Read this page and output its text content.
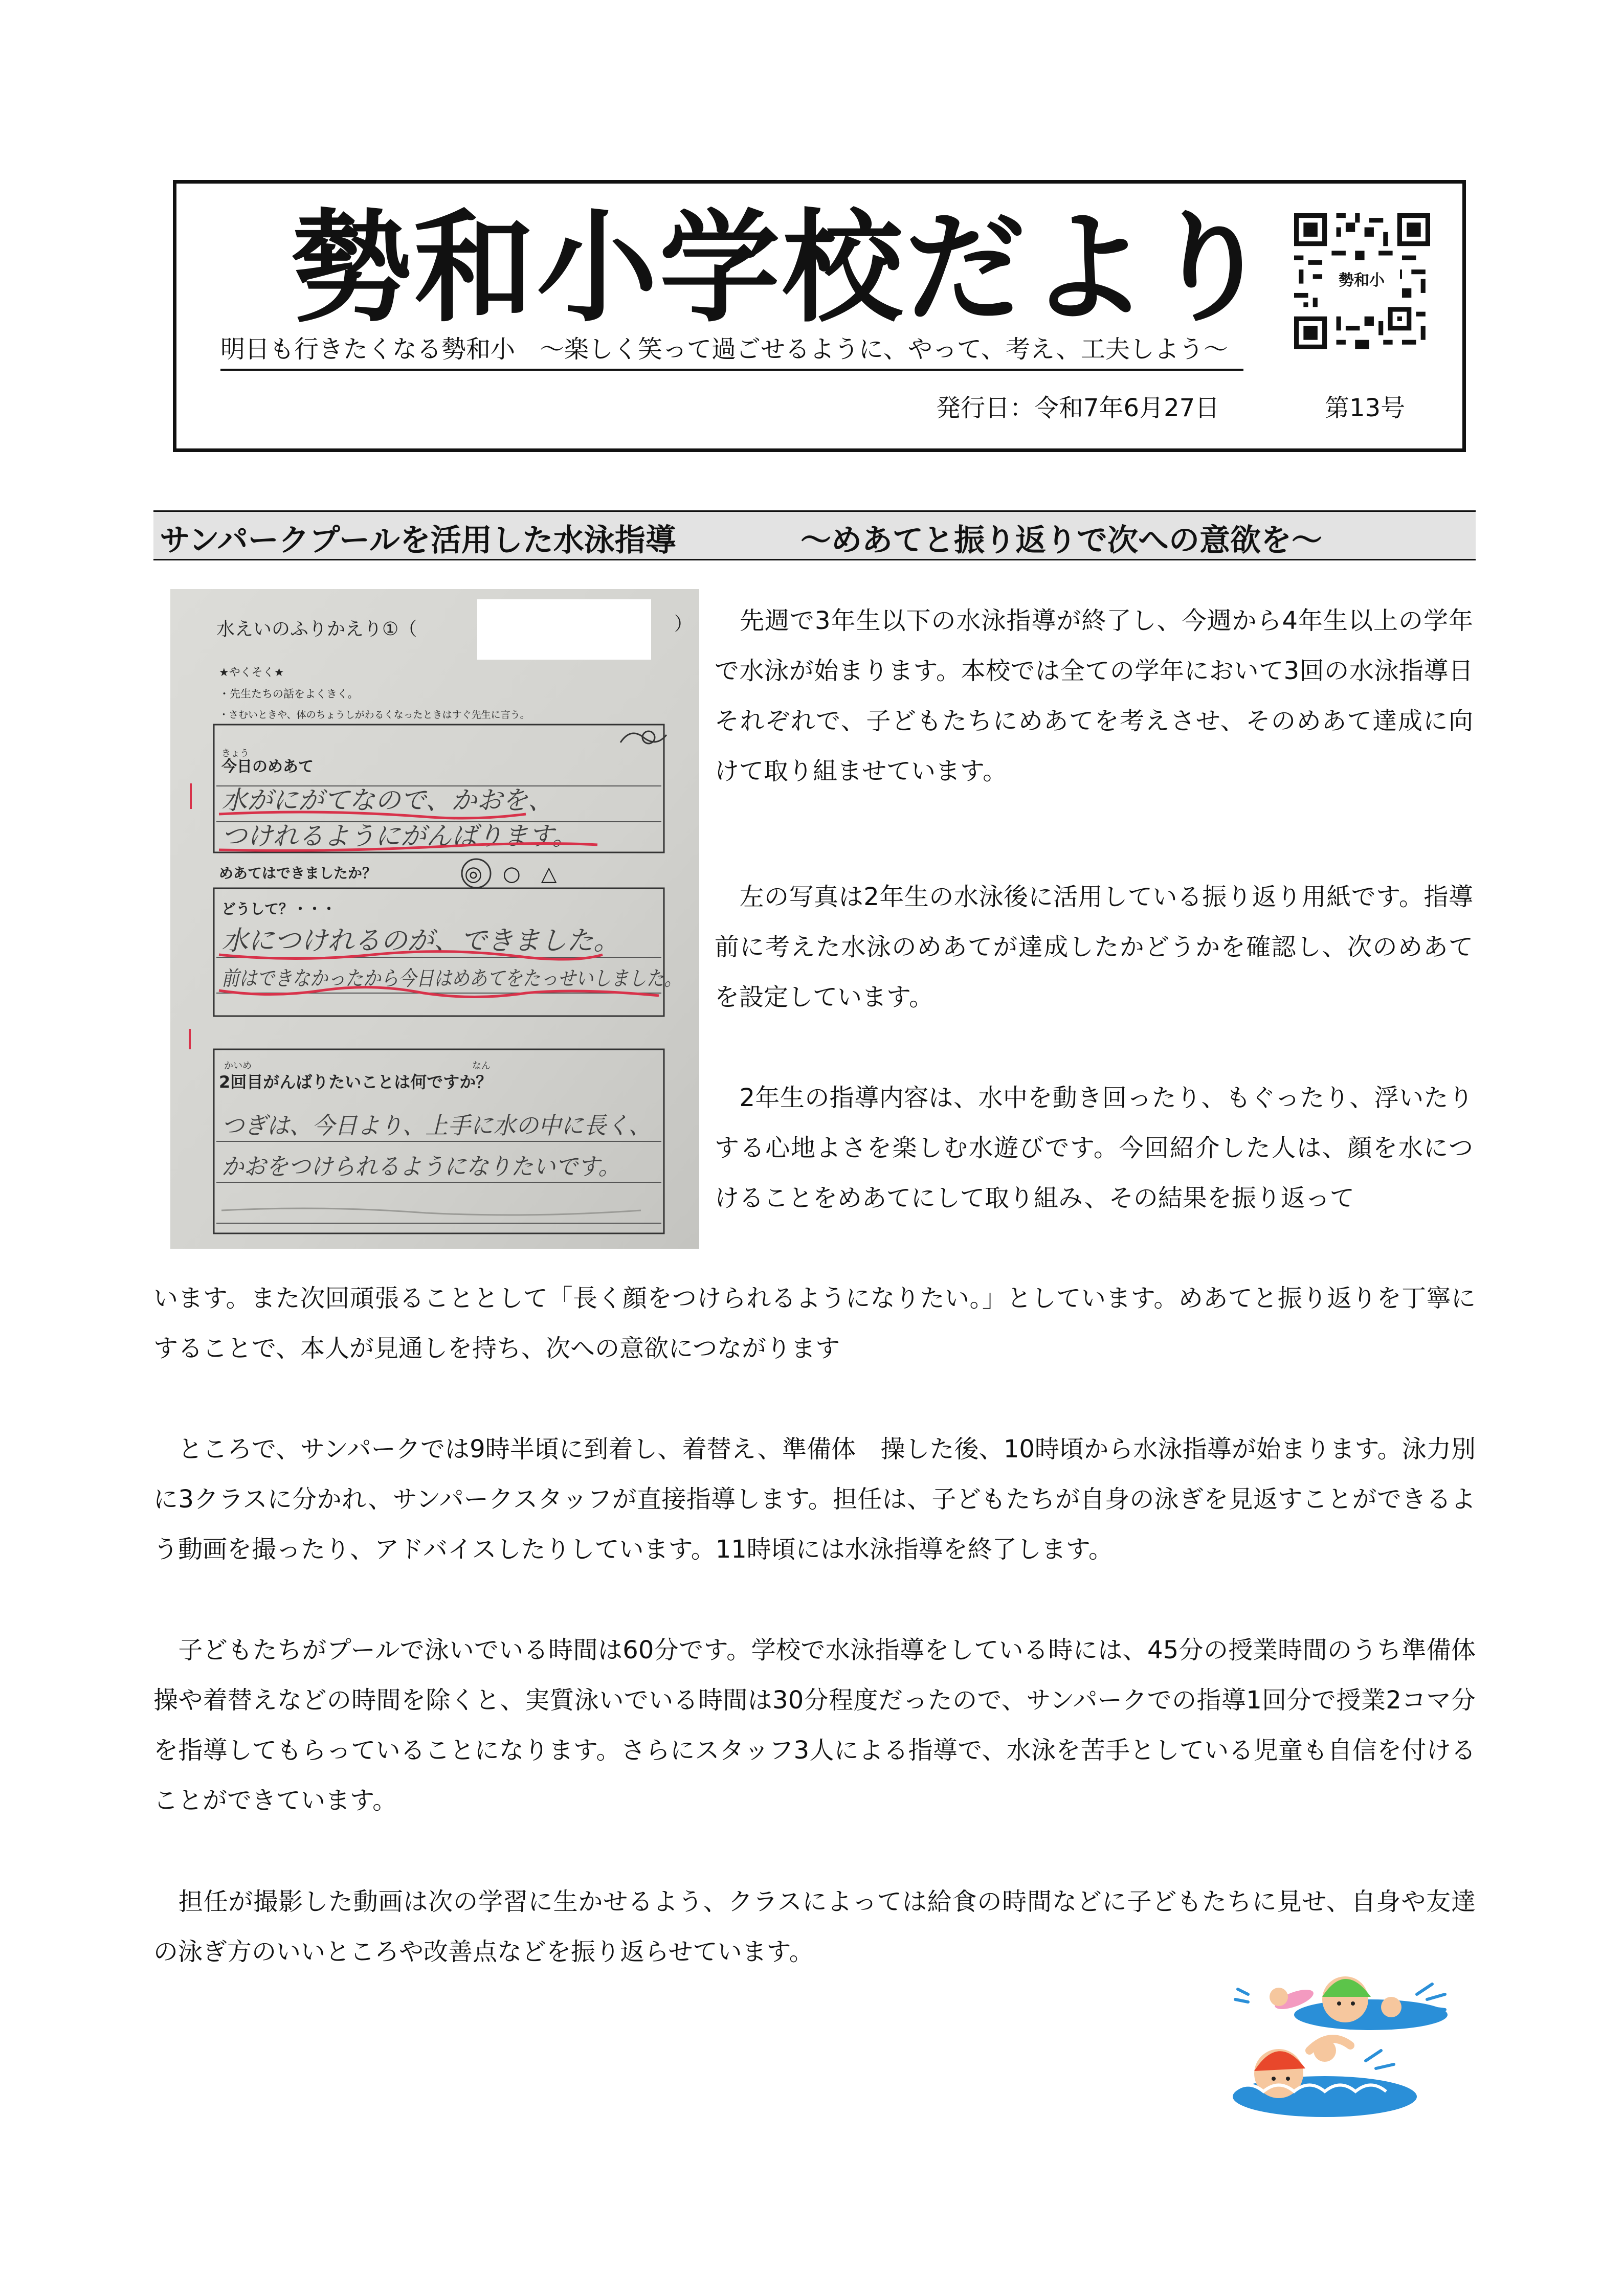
勢和小学校だより	勢和小

明日も行きたくなる勢和小　～楽しく笑って過ごせるように、やって、考え、工夫しよう～

発行日：令和7年6月27日	第13号
サンパークプールを活用した水泳指導	～めあてと振り返りで次への意欲を～
水えいのふりかえり①（	）
★やくそく★
・先生たちの話をよくきく。
・さむいときや、体のちょうしがわるくなったときはすぐ先生に言う。
きょう
今日のめあて
水がにがてなので、かおを、
つけれるようにがんばります。
めあてはできましたか？	◎　○　△
どうして？・・・
水につけれるのが、できました。
前はできなかったから今日はめあてをたっせいしました。
かいめ	なん
2回目がんばりたいことは何ですか？
つぎは、今日より、上手に水の中に長く、
かおをつけられるようになりたいです。

　先週で3年生以下の水泳指導が終了し、今週から4年生以上の学年で水泳が始まります。本校では全ての学年において3回の水泳指導日それぞれで、子どもたちにめあてを考えさせ、そのめあて達成に向けて取り組ませています。

　左の写真は2年生の水泳後に活用している振り返り用紙です。指導前に考えた水泳のめあてが達成したかどうかを確認し、次のめあてを設定しています。

　2年生の指導内容は、水中を動き回ったり、もぐったり、浮いたりする心地よさを楽しむ水遊びです。今回紹介した人は、顔を水につけることをめあてにして取り組み、その結果を振り返って

います。また次回頑張ることとして「長く顔をつけられるようになりたい。」としています。めあてと振り返りを丁寧にすることで、本人が見通しを持ち、次への意欲につながります

　ところで、サンパークでは9時半頃に到着し、着替え、準備体　操した後、10時頃から水泳指導が始まります。泳力別に3クラスに分かれ、サンパークスタッフが直接指導します。担任は、子どもたちが自身の泳ぎを見返すことができるよう動画を撮ったり、アドバイスしたりしています。11時頃には水泳指導を終了します。

　子どもたちがプールで泳いでいる時間は60分です。学校で水泳指導をしている時には、45分の授業時間のうち準備体操や着替えなどの時間を除くと、実質泳いでいる時間は30分程度だったので、サンパークでの指導1回分で授業2コマ分を指導してもらっていることになります。さらにスタッフ3人による指導で、水泳を苦手としている児童も自信を付けることができています。

　担任が撮影した動画は次の学習に生かせるよう、クラスによっては給食の時間などに子どもたちに見せ、自身や友達の泳ぎ方のいいところや改善点などを振り返らせています。
